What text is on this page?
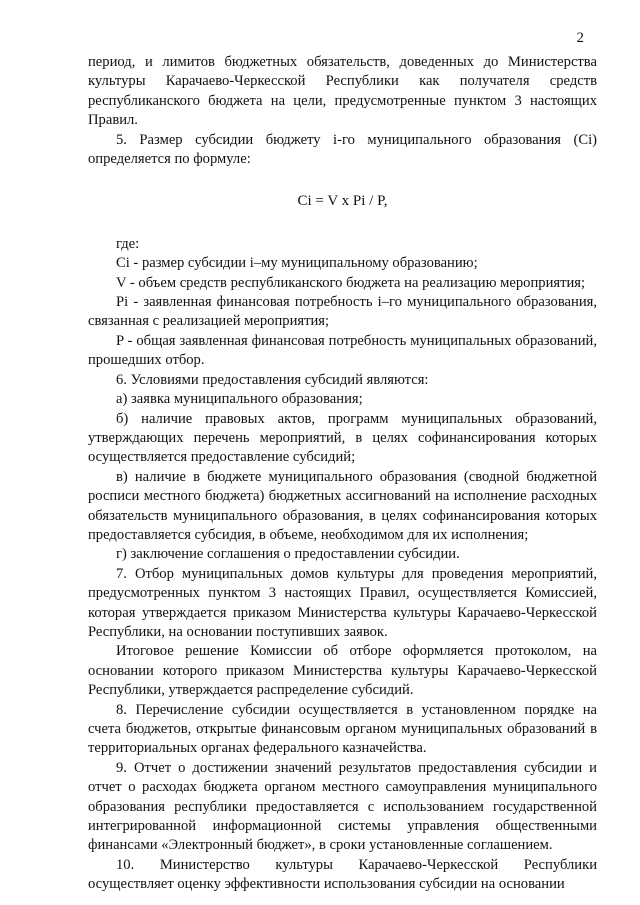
2

период, и лимитов бюджетных обязательств, доведенных до Министерства культуры Карачаево-Черкесской Республики как получателя средств республиканского бюджета на цели, предусмотренные пунктом 3 настоящих Правил.

5. Размер субсидии бюджету i-го муниципального образования (Ci) определяется по формуле:

Ci = V х Pi / P,

где:

Ci - размер субсидии i–му муниципальному образованию;

V - объем средств республиканского бюджета на реализацию мероприятия;

Pi - заявленная финансовая потребность i–го муниципального образования, связанная с реализацией мероприятия;

P - общая заявленная финансовая потребность муниципальных образований, прошедших отбор.

6. Условиями предоставления субсидий являются:

а) заявка муниципального образования;

б) наличие правовых актов, программ муниципальных образований, утверждающих перечень мероприятий, в целях софинансирования которых осуществляется предоставление субсидий;

в) наличие в бюджете муниципального образования (сводной бюджетной росписи местного бюджета) бюджетных ассигнований на исполнение расходных обязательств муниципального образования, в целях софинансирования которых предоставляется субсидия, в объеме, необходимом для их исполнения;

г) заключение соглашения о предоставлении субсидии.

7. Отбор муниципальных домов культуры для проведения мероприятий, предусмотренных пунктом 3 настоящих Правил, осуществляется Комиссией, которая утверждается приказом Министерства культуры Карачаево-Черкесской Республики, на основании поступивших заявок.

Итоговое решение Комиссии об отборе оформляется протоколом, на основании которого приказом Министерства культуры Карачаево-Черкесской Республики, утверждается распределение субсидий.

8. Перечисление субсидии осуществляется в установленном порядке на счета бюджетов, открытые финансовым органом муниципальных образований в территориальных органах федерального казначейства.

9. Отчет о достижении значений результатов предоставления субсидии и отчет о расходах бюджета органом местного самоуправления муниципального образования республики предоставляется с использованием государственной интегрированной информационной системы управления общественными финансами «Электронный бюджет», в сроки установленные соглашением.

10. Министерство культуры Карачаево-Черкесской Республики осуществляет оценку эффективности использования субсидии на основании
